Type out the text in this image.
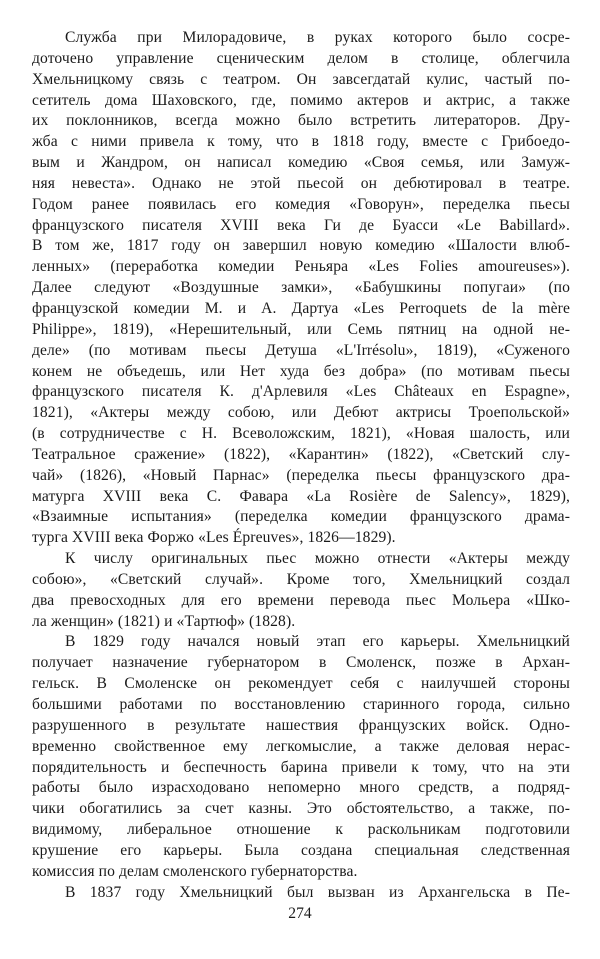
Служба при Милорадовиче, в руках которого было сосре-
доточено управление сценическим делом в столице, облегчила
Хмельницкому связь с театром. Он завсегдатай кулис, частый по-
сетитель дома Шаховского, где, помимо актеров и актрис, а также
их поклонников, всегда можно было встретить литераторов. Дру-
жба с ними привела к тому, что в 1818 году, вместе с Грибоедо-
вым и Жандром, он написал комедию «Своя семья, или Замуж-
няя невеста». Однако не этой пьесой он дебютировал в театре.
Годом ранее появилась его комедия «Говорун», переделка пьесы
французского писателя XVIII века Ги де Буасси «Le Babillard».
В том же, 1817 году он завершил новую комедию «Шалости влюб-
ленных» (переработка комедии Реньяра «Les Folies amoureuses»).
Далее следуют «Воздушные замки», «Бабушкины попугаи» (по
французской комедии М. и А. Дартуа «Les Perroquets de la mère
Philippe», 1819), «Нерешительный, или Семь пятниц на одной не-
деле» (по мотивам пьесы Детуша «L'Irrésolu», 1819), «Суженого
конем не объедешь, или Нет худа без добра» (по мотивам пьесы
французского писателя К. д'Арлевиля «Les Châteaux en Espagne»,
1821), «Актеры между собою, или Дебют актрисы Троепольской»
(в сотрудничестве с Н. Всеволожским, 1821), «Новая шалость, или
Театральное сражение» (1822), «Карантин» (1822), «Светский слу-
чай» (1826), «Новый Парнас» (переделка пьесы французского дра-
матурга XVIII века С. Фавара «La Rosière de Salency», 1829),
«Взаимные испытания» (переделка комедии французского драма-
турга XVIII века Форжо «Les Épreuves», 1826—1829).
К числу оригинальных пьес можно отнести «Актеры между
собою», «Светский случай». Кроме того, Хмельницкий создал
два превосходных для его времени перевода пьес Мольера «Шко-
ла женщин» (1821) и «Тартюф» (1828).
В 1829 году начался новый этап его карьеры. Хмельницкий
получает назначение губернатором в Смоленск, позже в Архан-
гельск. В Смоленске он рекомендует себя с наилучшей стороны
большими работами по восстановлению старинного города, сильно
разрушенного в результате нашествия французских войск. Одно-
временно свойственное ему легкомыслие, а также деловая нерас-
порядительность и беспечность барина привели к тому, что на эти
работы было израсходовано непомерно много средств, а подряд-
чики обогатились за счет казны. Это обстоятельство, а также, по-
видимому, либеральное отношение к раскольникам подготовили
крушение его карьеры. Была создана специальная следственная
комиссия по делам смоленского губернаторства.
В 1837 году Хмельницкий был вызван из Архангельска в Пе-
274
